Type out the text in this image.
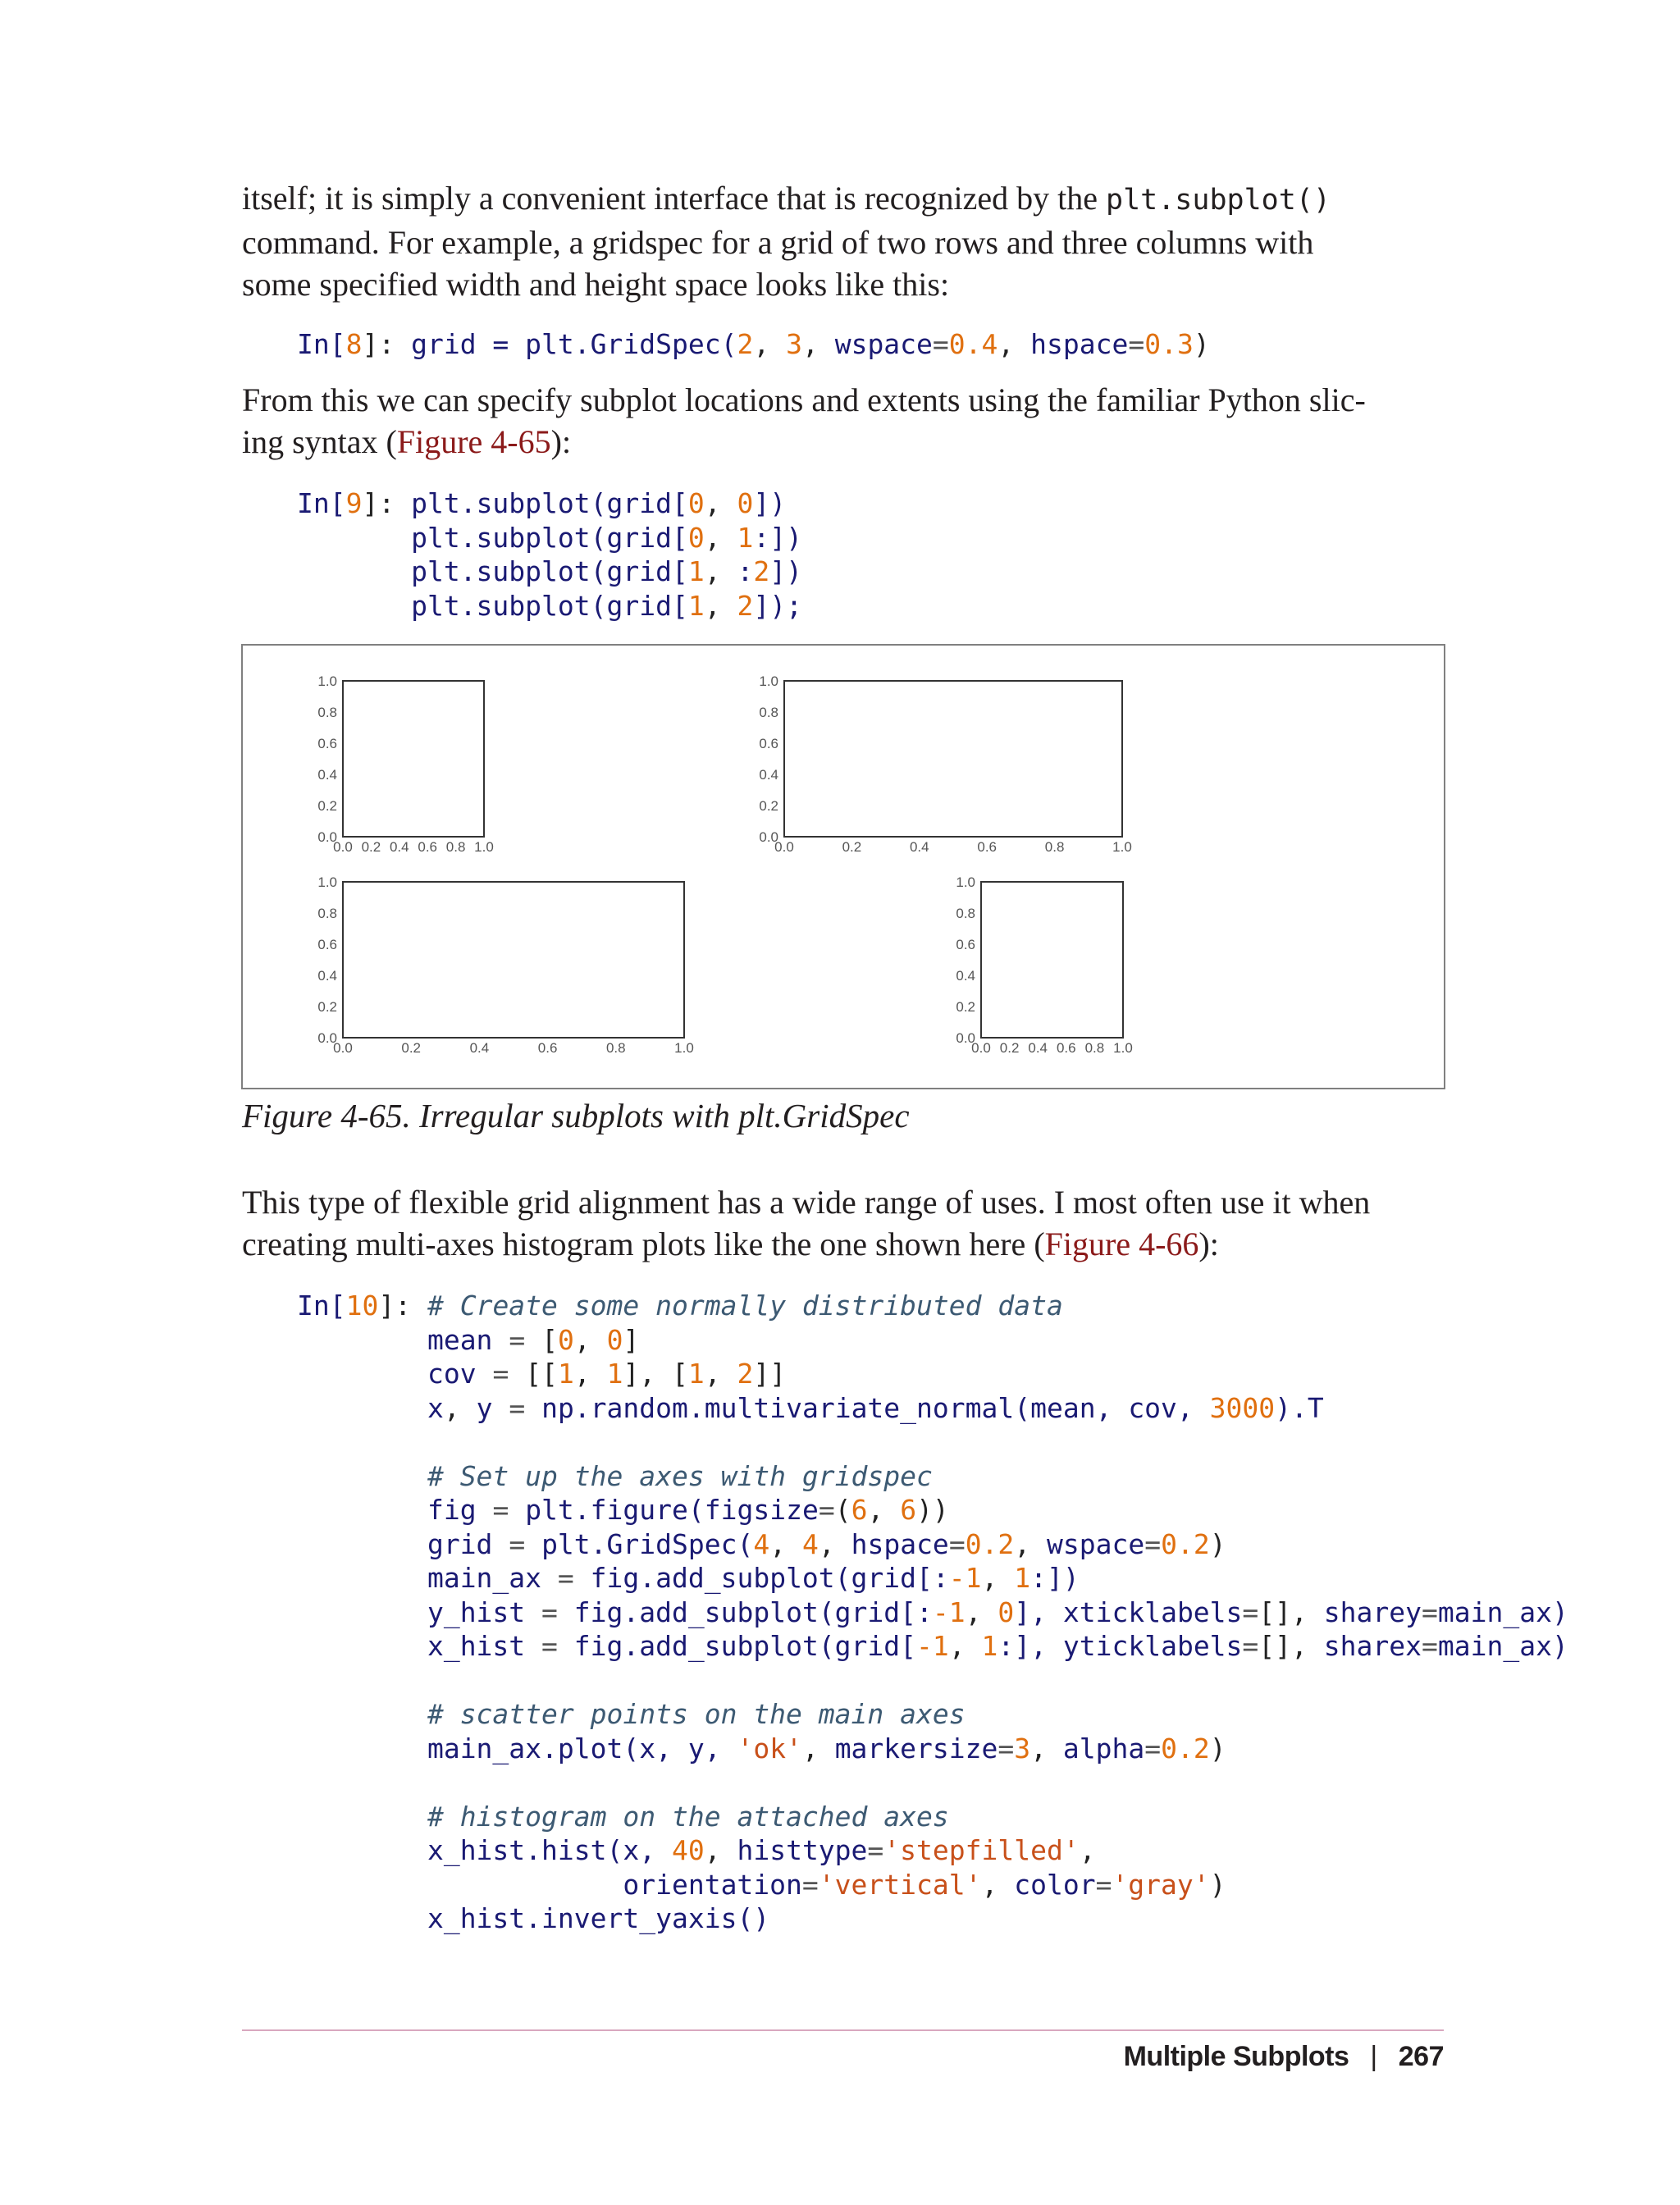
itself; it is simply a convenient interface that is recognized by the plt.subplot()
command. For example, a gridspec for a grid of two rows and three columns with
some specified width and height space looks like this:

In[8]: grid = plt.GridSpec(2, 3, wspace=0.4, hspace=0.3)

From this we can specify subplot locations and extents using the familiar Python slic-
ing syntax (Figure 4-65):

In[9]: plt.subplot(grid[0, 0])
plt.subplot(grid[0, 1:])
plt.subplot(grid[1, :2])
plt.subplot(grid[1, 2]);
0.0
0.2
0.4
0.6
0.8
1.0
0.0 0.2 0.4 0.6 0.8 1.0
0.0
0.2
0.4
0.6
0.8
1.0
0.0	0.2	0.4	0.6	0.8	1.0
0.0
0.2
0.4
0.6
0.8
1.0
0.0	0.2	0.4	0.6	0.8	1.0
0.0
0.2
0.4
0.6
0.8
1.0
0.0 0.2 0.4 0.6 0.8 1.0

Figure 4-65. Irregular subplots with plt.GridSpec

This type of flexible grid alignment has a wide range of uses. I most often use it when
creating multi-axes histogram plots like the one shown here (Figure 4-66):

In[10]: # Create some normally distributed data
mean = [0, 0]
cov = [[1, 1], [1, 2]]
x, y = np.random.multivariate_normal(mean, cov, 3000).T

# Set up the axes with gridspec
fig = plt.figure(figsize=(6, 6))
grid = plt.GridSpec(4, 4, hspace=0.2, wspace=0.2)
main_ax = fig.add_subplot(grid[:-1, 1:])
y_hist = fig.add_subplot(grid[:-1, 0], xticklabels=[], sharey=main_ax)
x_hist = fig.add_subplot(grid[-1, 1:], yticklabels=[], sharex=main_ax)

# scatter points on the main axes
main_ax.plot(x, y, 'ok', markersize=3, alpha=0.2)

# histogram on the attached axes
x_hist.hist(x, 40, histtype='stepfilled',
orientation='vertical', color='gray')
x_hist.invert_yaxis()
Multiple Subplots | 267
